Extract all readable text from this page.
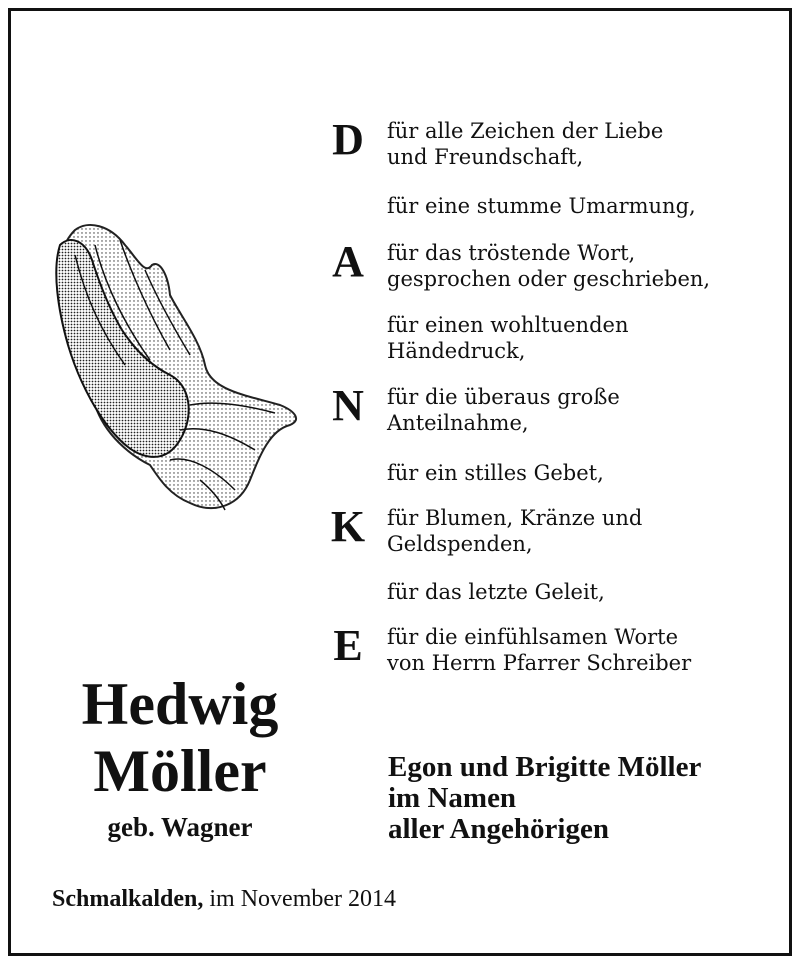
D für alle Zeichen der Liebe
und Freundschaft,
für eine stumme Umarmung,
A für das tröstende Wort,
gesprochen oder geschrieben,
für einen wohltuenden
Händedruck,
N für die überaus große
Anteilnahme,
für ein stilles Gebet,
K für Blumen, Kränze und
Geldspenden,
für das letzte Geleit,
E für die einfühlsamen Worte
von Herrn Pfarrer Schreiber
Hedwig
Möller
geb. Wagner
Egon und Brigitte Möller
im Namen
aller Angehörigen
Schmalkalden, im November 2014
